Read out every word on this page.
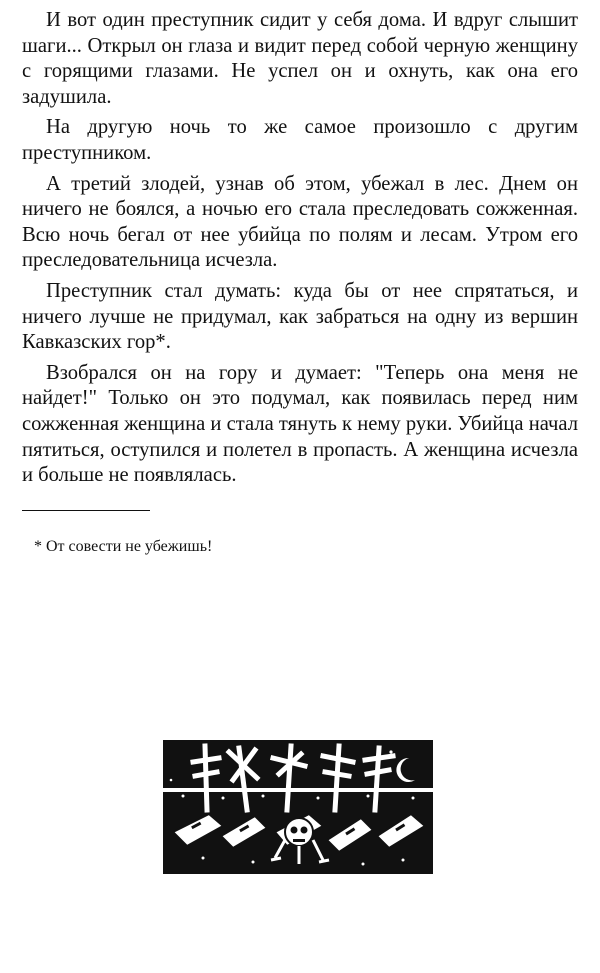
И вот один преступник сидит у себя дома. И вдруг слышит шаги... Открыл он глаза и видит перед собой черную женщину с горящими глазами. Не успел он и охнуть, как она его задушила.

На другую ночь то же самое произошло с другим преступником.

А третий злодей, узнав об этом, убежал в лес. Днем он ничего не боялся, а ночью его стала преследовать сожженная. Всю ночь бегал от нее убийца по полям и лесам. Утром его преследовательница исчезла.

Преступник стал думать: куда бы от нее спрятаться, и ничего лучше не придумал, как забраться на одну из вершин Кавказских гор*.

Взобрался он на гору и думает: "Теперь она меня не найдет!" Только он это подумал, как появилась перед ним сожженная женщина и стала тянуть к нему руки. Убийца начал пятиться, оступился и полетел в пропасть. А женщина исчезла и больше не появлялась.

* От совести не убежишь!
